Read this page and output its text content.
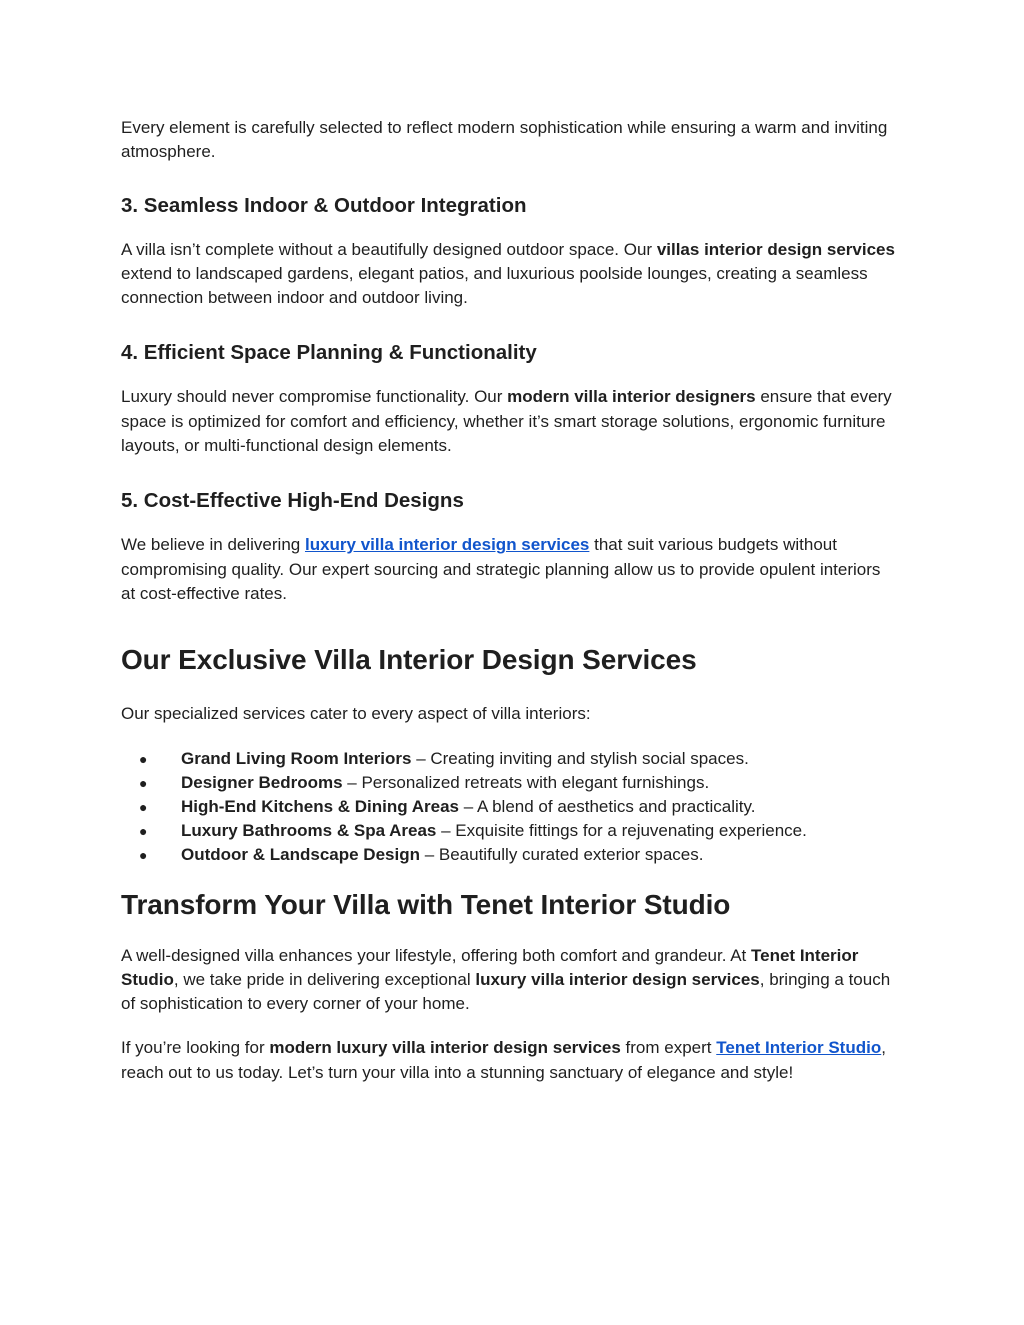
Every element is carefully selected to reflect modern sophistication while ensuring a warm and inviting atmosphere.

3. Seamless Indoor & Outdoor Integration

A villa isn’t complete without a beautifully designed outdoor space. Our villas interior design services extend to landscaped gardens, elegant patios, and luxurious poolside lounges, creating a seamless connection between indoor and outdoor living.

4. Efficient Space Planning & Functionality

Luxury should never compromise functionality. Our modern villa interior designers ensure that every space is optimized for comfort and efficiency, whether it’s smart storage solutions, ergonomic furniture layouts, or multi-functional design elements.

5. Cost-Effective High-End Designs

We believe in delivering luxury villa interior design services that suit various budgets without compromising quality. Our expert sourcing and strategic planning allow us to provide opulent interiors at cost-effective rates.

Our Exclusive Villa Interior Design Services

Our specialized services cater to every aspect of villa interiors:

● Grand Living Room Interiors – Creating inviting and stylish social spaces.
● Designer Bedrooms – Personalized retreats with elegant furnishings.
● High-End Kitchens & Dining Areas – A blend of aesthetics and practicality.
● Luxury Bathrooms & Spa Areas – Exquisite fittings for a rejuvenating experience.
● Outdoor & Landscape Design – Beautifully curated exterior spaces.
Transform Your Villa with Tenet Interior Studio

A well-designed villa enhances your lifestyle, offering both comfort and grandeur. At Tenet Interior Studio, we take pride in delivering exceptional luxury villa interior design services, bringing a touch of sophistication to every corner of your home.

If you’re looking for modern luxury villa interior design services from expert Tenet Interior Studio, reach out to us today. Let’s turn your villa into a stunning sanctuary of elegance and style!
